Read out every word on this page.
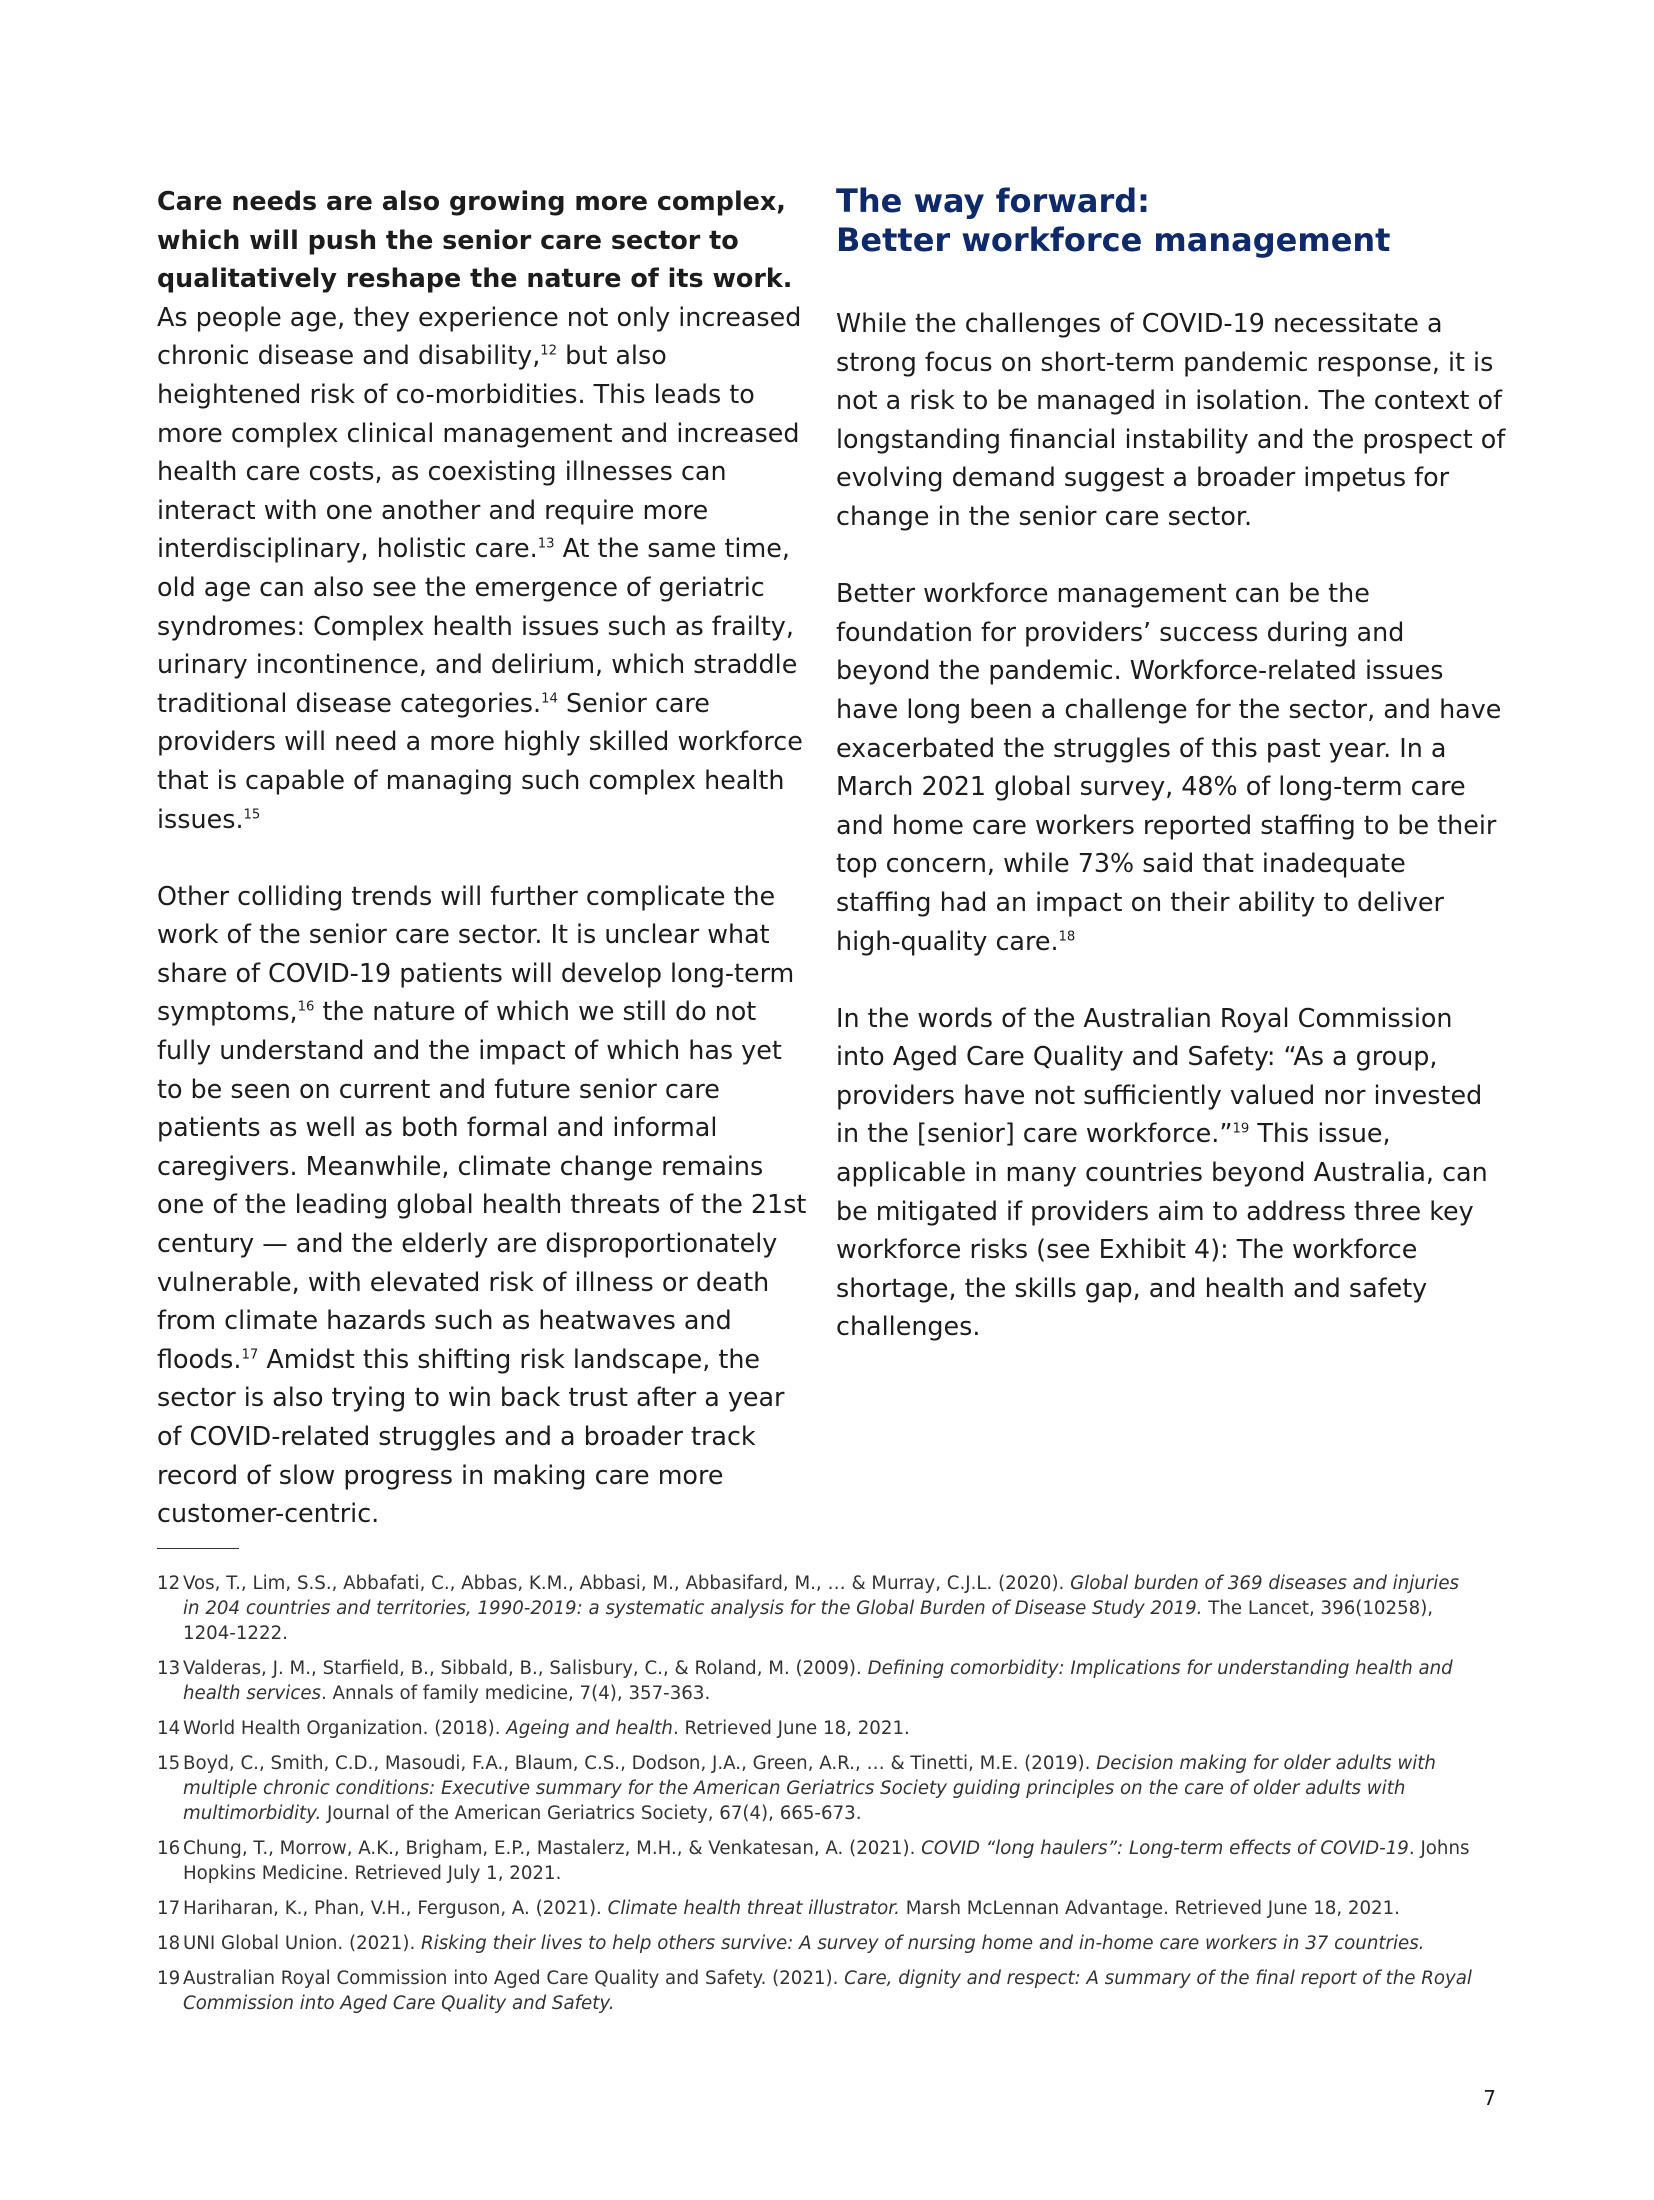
Care needs are also growing more complex, which will push the senior care sector to qualitatively reshape the nature of its work. As people age, they experience not only increased chronic disease and disability,$^{12}$ but also heightened risk of co-morbidities. This leads to more complex clinical management and increased health care costs, as coexisting illnesses can interact with one another and require more interdisciplinary, holistic care.$^{13}$ At the same time, old age can also see the emergence of geriatric syndromes: Complex health issues such as frailty, urinary incontinence, and delirium, which straddle traditional disease categories.$^{14}$ Senior care providers will need a more highly skilled workforce that is capable of managing such complex health issues.$^{15}$

Other colliding trends will further complicate the work of the senior care sector. It is unclear what share of COVID-19 patients will develop long-term symptoms,$^{16}$ the nature of which we still do not fully understand and the impact of which has yet to be seen on current and future senior care patients as well as both formal and informal caregivers. Meanwhile, climate change remains one of the leading global health threats of the 21st century — and the elderly are disproportionately vulnerable, with elevated risk of illness or death from climate hazards such as heatwaves and floods.$^{17}$ Amidst this shifting risk landscape, the sector is also trying to win back trust after a year of COVID-related struggles and a broader track record of slow progress in making care more customer-centric.

The way forward:
Better workforce management

While the challenges of COVID-19 necessitate a strong focus on short-term pandemic response, it is not a risk to be managed in isolation. The context of longstanding financial instability and the prospect of evolving demand suggest a broader impetus for change in the senior care sector.

Better workforce management can be the foundation for providers’ success during and beyond the pandemic. Workforce-related issues have long been a challenge for the sector, and have exacerbated the struggles of this past year. In a March 2021 global survey, 48% of long-term care and home care workers reported staffing to be their top concern, while 73% said that inadequate staffing had an impact on their ability to deliver high-quality care.$^{18}$

In the words of the Australian Royal Commission into Aged Care Quality and Safety: “As a group, providers have not sufficiently valued nor invested in the [senior] care workforce.”$^{19}$ This issue, applicable in many countries beyond Australia, can be mitigated if providers aim to address three key workforce risks (see Exhibit 4): The workforce shortage, the skills gap, and health and safety challenges.

12 Vos, T., Lim, S.S., Abbafati, C., Abbas, K.M., Abbasi, M., Abbasifard, M., … & Murray, C.J.L. (2020). Global burden of 369 diseases and injuries in 204 countries and territories, 1990-2019: a systematic analysis for the Global Burden of Disease Study 2019. The Lancet, 396(10258), 1204-1222.
13 Valderas, J. M., Starfield, B., Sibbald, B., Salisbury, C., & Roland, M. (2009). Defining comorbidity: Implications for understanding health and health services. Annals of family medicine, 7(4), 357-363.
14 World Health Organization. (2018). Ageing and health. Retrieved June 18, 2021.
15 Boyd, C., Smith, C.D., Masoudi, F.A., Blaum, C.S., Dodson, J.A., Green, A.R., … & Tinetti, M.E. (2019). Decision making for older adults with multiple chronic conditions: Executive summary for the American Geriatrics Society guiding principles on the care of older adults with multimorbidity. Journal of the American Geriatrics Society, 67(4), 665-673.
16 Chung, T., Morrow, A.K., Brigham, E.P., Mastalerz, M.H., & Venkatesan, A. (2021). COVID “long haulers”: Long-term effects of COVID-19. Johns Hopkins Medicine. Retrieved July 1, 2021.
17 Hariharan, K., Phan, V.H., Ferguson, A. (2021). Climate health threat illustrator. Marsh McLennan Advantage. Retrieved June 18, 2021.
18 UNI Global Union. (2021). Risking their lives to help others survive: A survey of nursing home and in-home care workers in 37 countries.
19 Australian Royal Commission into Aged Care Quality and Safety. (2021). Care, dignity and respect: A summary of the final report of the Royal Commission into Aged Care Quality and Safety.
7
